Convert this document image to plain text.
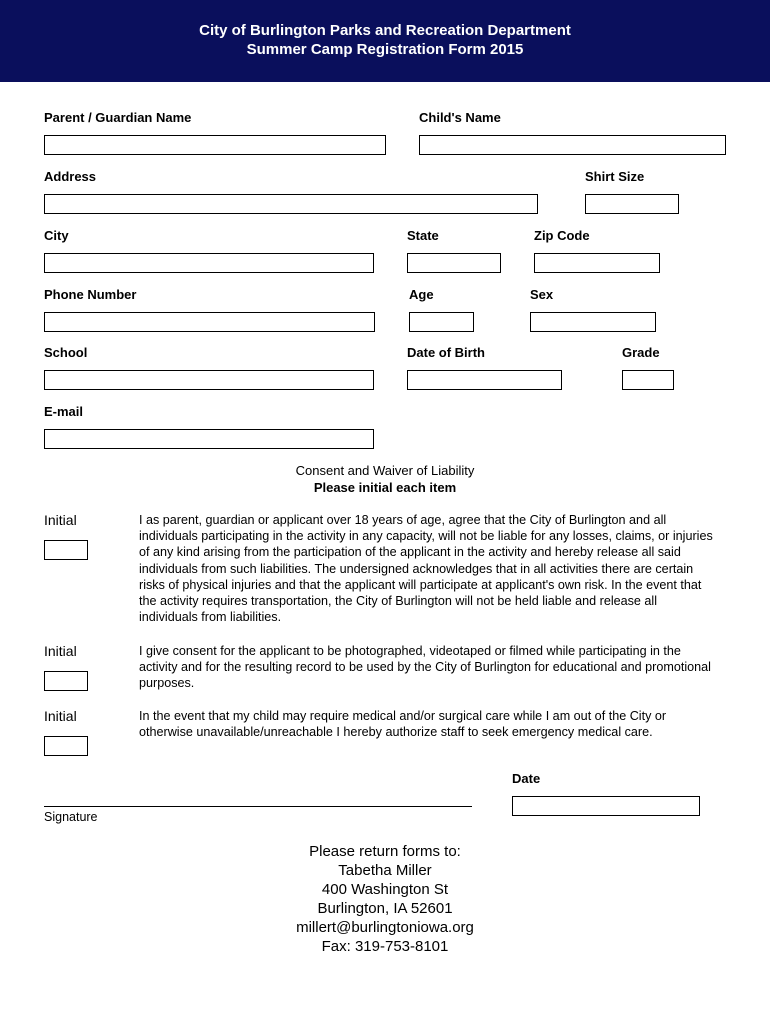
City of Burlington Parks and Recreation Department
Summer Camp Registration Form 2015
Parent / Guardian Name	Child's Name
Address	Shirt Size
City	State	Zip Code
Phone Number	Age	Sex
School	Date of Birth	Grade
E-mail
Consent and Waiver of Liability
Please initial each item
Initial	I as parent, guardian or applicant over 18 years of age, agree that the City of Burlington and all individuals participating in the activity in any capacity, will not be liable for any losses, claims, or injuries of any kind arising from the participation of the applicant in the activity and hereby release all said individuals from such liabilities. The undersigned acknowledges that in all activities there are certain risks of physical injuries and that the applicant will participate at applicant's own risk. In the event that the activity requires transportation, the City of Burlington will not be held liable and release all individuals from liabilities.
Initial	I give consent for the applicant to be photographed, videotaped or filmed while participating in the activity and for the resulting record to be used by the City of Burlington for educational and promotional purposes.
Initial	In the event that my child may require medical and/or surgical care while I am out of the City or otherwise unavailable/unreachable I hereby authorize staff to seek emergency medical care.
Signature
Date
Please return forms to:
Tabetha Miller
400 Washington St
Burlington, IA 52601
millert@burlingtoniowa.org
Fax: 319-753-8101
